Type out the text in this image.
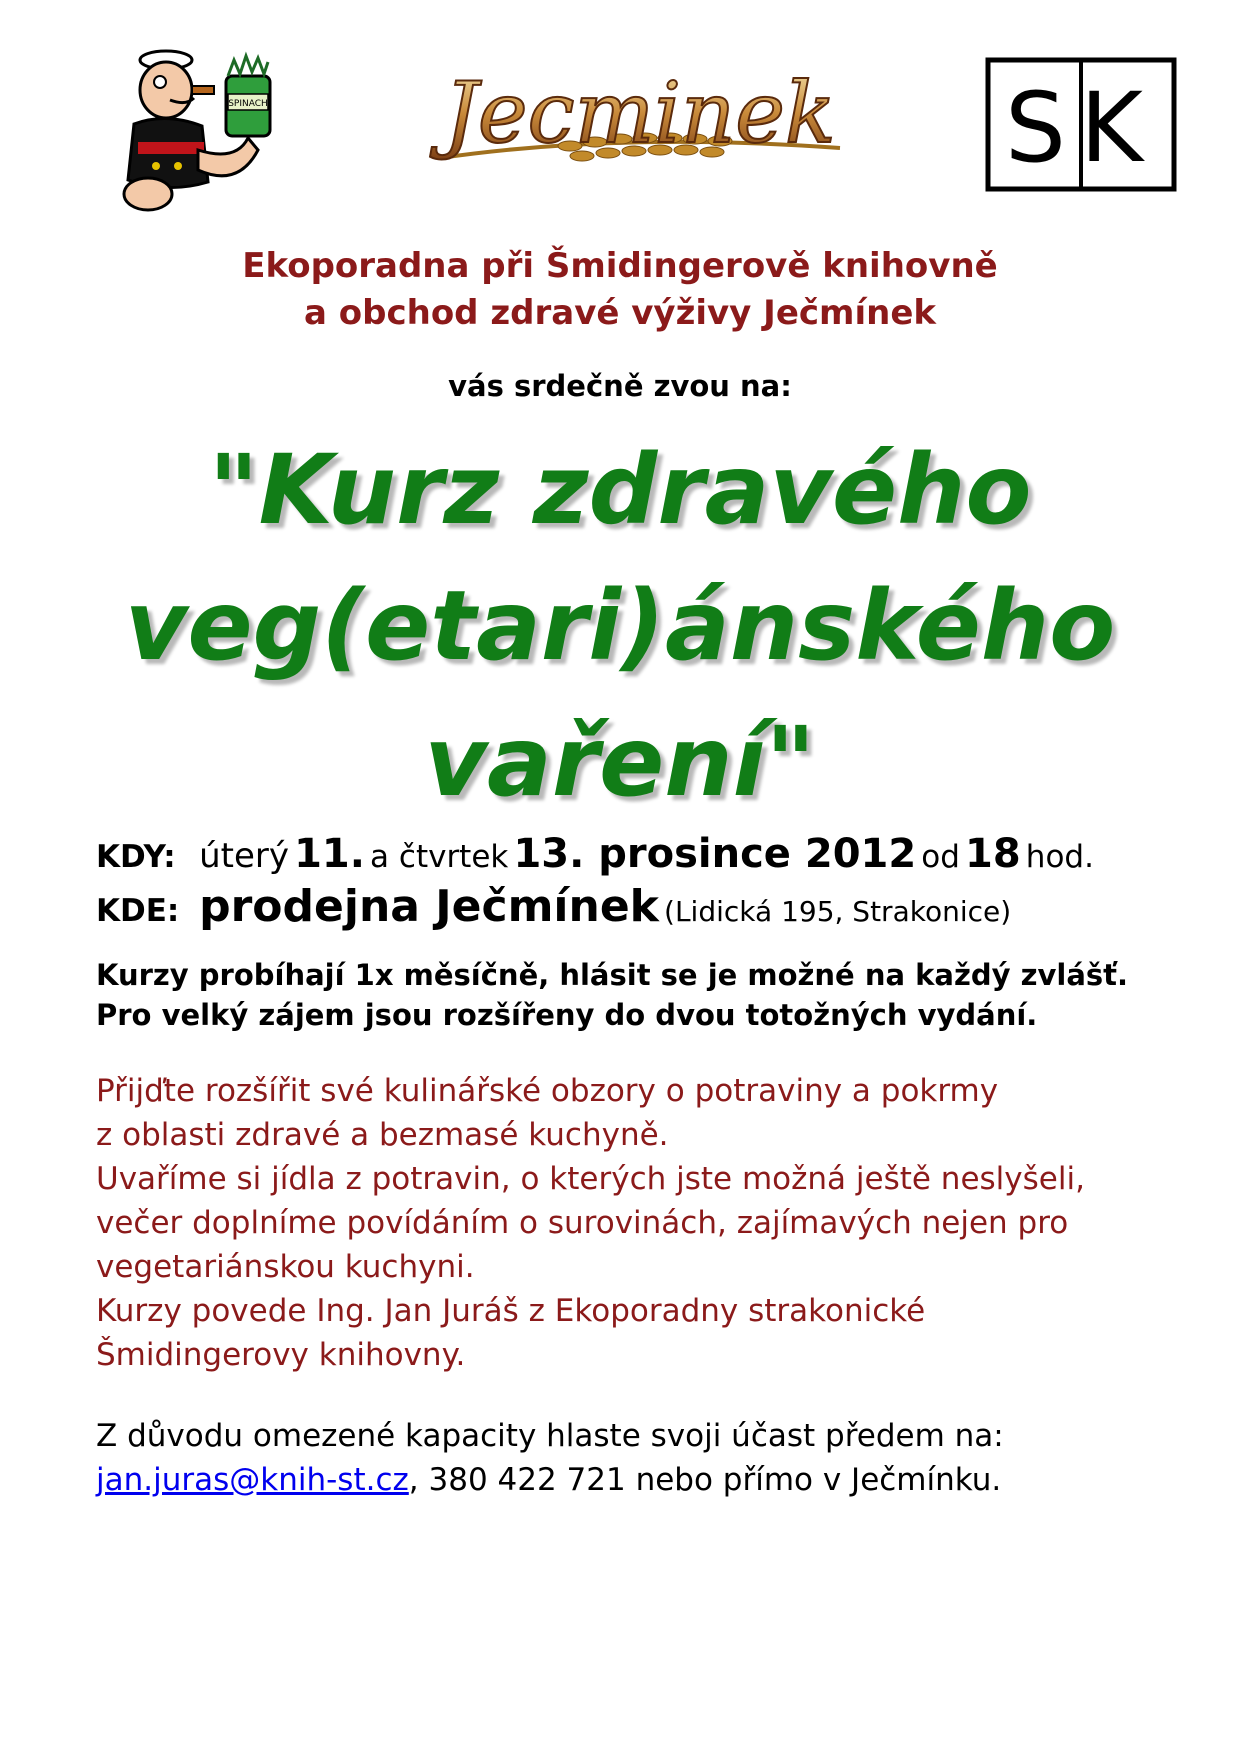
SPINACH Jecminek SK
Ekoporadna při Šmidingerově knihovně
a obchod zdravé výživy Ječmínek
vás srdečně zvou na:
"Kurz zdravého
veg(etari)ánského
vaření"
KDY: úterý 11. a čtvrtek 13. prosince 2012 od 18 hod.
KDE: prodejna Ječmínek (Lidická 195, Strakonice)
Kurzy probíhají 1x měsíčně, hlásit se je možné na každý zvlášť. Pro velký zájem jsou rozšířeny do dvou totožných vydání.
Přijďte rozšířit své kulinářské obzory o potraviny a pokrmy
z oblasti zdravé a bezmasé kuchyně.
Uvaříme si jídla z potravin, o kterých jste možná ještě neslyšeli,
večer doplníme povídáním o surovinách, zajímavých nejen pro
vegetariánskou kuchyni.
Kurzy povede Ing. Jan Juráš z Ekoporadny strakonické
Šmidingerovy knihovny.
Z důvodu omezené kapacity hlaste svoji účast předem na:
jan.juras@knih-st.cz, 380 422 721 nebo přímo v Ječmínku.
